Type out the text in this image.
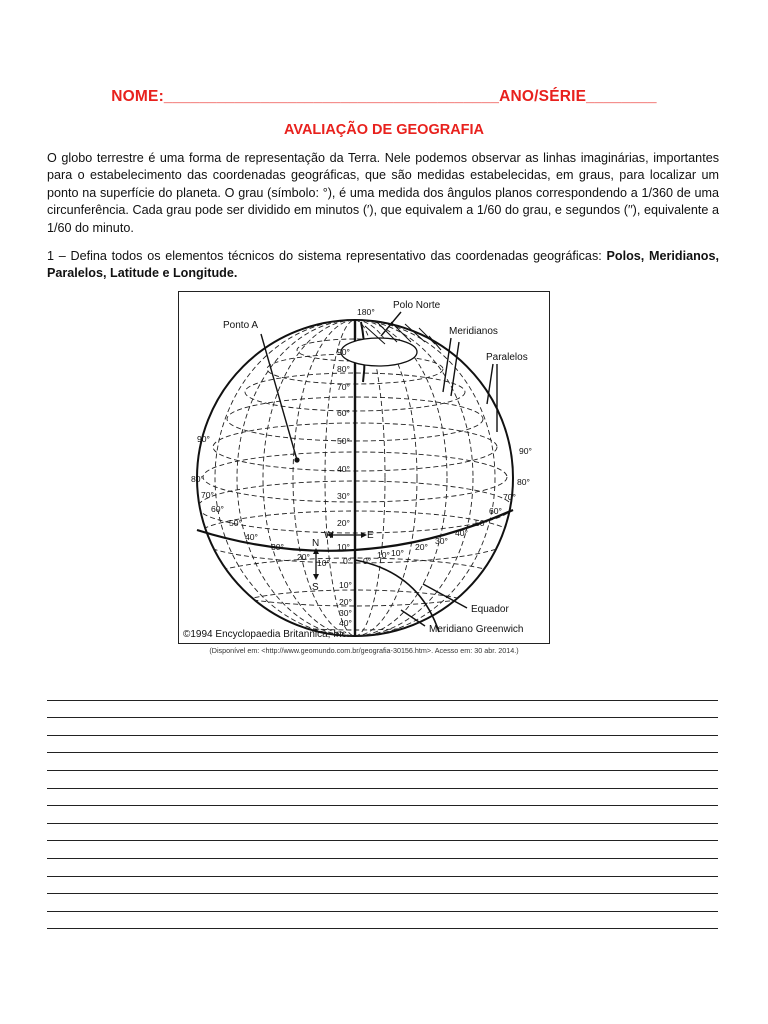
NOME:______________________________________ANO/SÉRIE________
AVALIAÇÃO DE GEOGRAFIA

O globo terrestre é uma forma de representação da Terra. Nele podemos observar as linhas imaginárias, importantes para o estabelecimento das coordenadas geográficas, que são medidas estabelecidas, em graus, para localizar um ponto na superfície do planeta. O grau (símbolo: °), é uma medida dos ângulos planos correspondendo a 1/360 de uma circunferência. Cada grau pode ser dividido em minutos (′), que equivalem a 1/60 do grau, e segundos (′′), equivalente a 1/60 do minuto.

1 – Defina todos os elementos técnicos do sistema representativo das coordenadas geográficas: Polos, Meridianos, Paralelos, Latitude e Longitude.

Ponto A
Polo Norte
Meridianos
Paralelos
Equador
Meridiano Greenwich
©1994 Encyclopaedia Britannica, Inc.
180°
W	E
N
S
90°
80°
70°
60°
50°
40°
30°
20°
10°
10°
20°
30°
40°
90°
80°
70°
60°
50°
40°
30°
20°
10°
90°
80°
70°
60°
50°
40°
30°
20°
10°
0° 0°
10°
(Disponível em: <http://www.geomundo.com.br/geografia-30156.htm>. Acesso em: 30 abr. 2014.)
